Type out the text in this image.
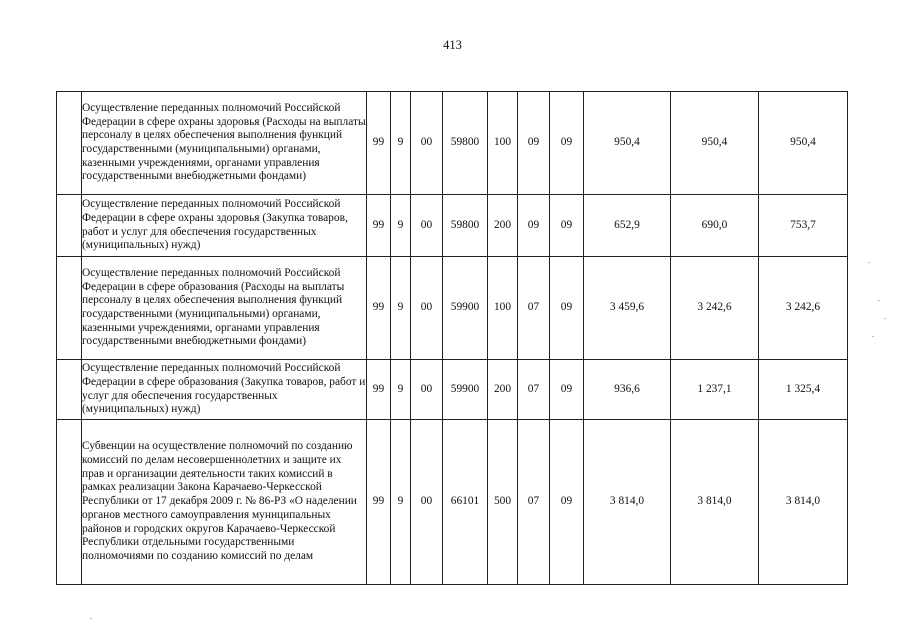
413
	Осуществление переданных полномочий Российской Федерации в сфере охраны здоровья (Расходы на выплаты персоналу в целях обеспечения выполнения функций государственными (муниципальными) органами, казенными учреждениями, органами управления государственными внебюджетными фондами)	99	9	00	59800	100	09	09	950,4	950,4	950,4
	Осуществление переданных полномочий Российской Федерации в сфере охраны здоровья (Закупка товаров, работ и услуг для обеспечения государственных (муниципальных) нужд)	99	9	00	59800	200	09	09	652,9	690,0	753,7
	Осуществление переданных полномочий Российской Федерации в сфере образования (Расходы на выплаты персоналу в целях обеспечения выполнения функций государственными (муниципальными) органами, казенными учреждениями, органами управления государственными внебюджетными фондами)	99	9	00	59900	100	07	09	3 459,6	3 242,6	3 242,6
	Осуществление переданных полномочий Российской Федерации в сфере образования (Закупка товаров, работ и услуг для обеспечения государственных (муниципальных) нужд)	99	9	00	59900	200	07	09	936,6	1 237,1	1 325,4
	Субвенции на осуществление полномочий по созданию комиссий по делам несовершеннолетних и защите их прав и организации деятельности таких комиссий в рамках реализации Закона Карачаево-Черкесской Республики от 17 декабря 2009 г. № 86-РЗ «О наделении органов местного самоуправления муниципальных районов и городских округов Карачаево-Черкесской Республики отдельными государственными полномочиями по созданию комиссий по делам	99	9	00	66101	500	07	09	3 814,0	3 814,0	3 814,0
